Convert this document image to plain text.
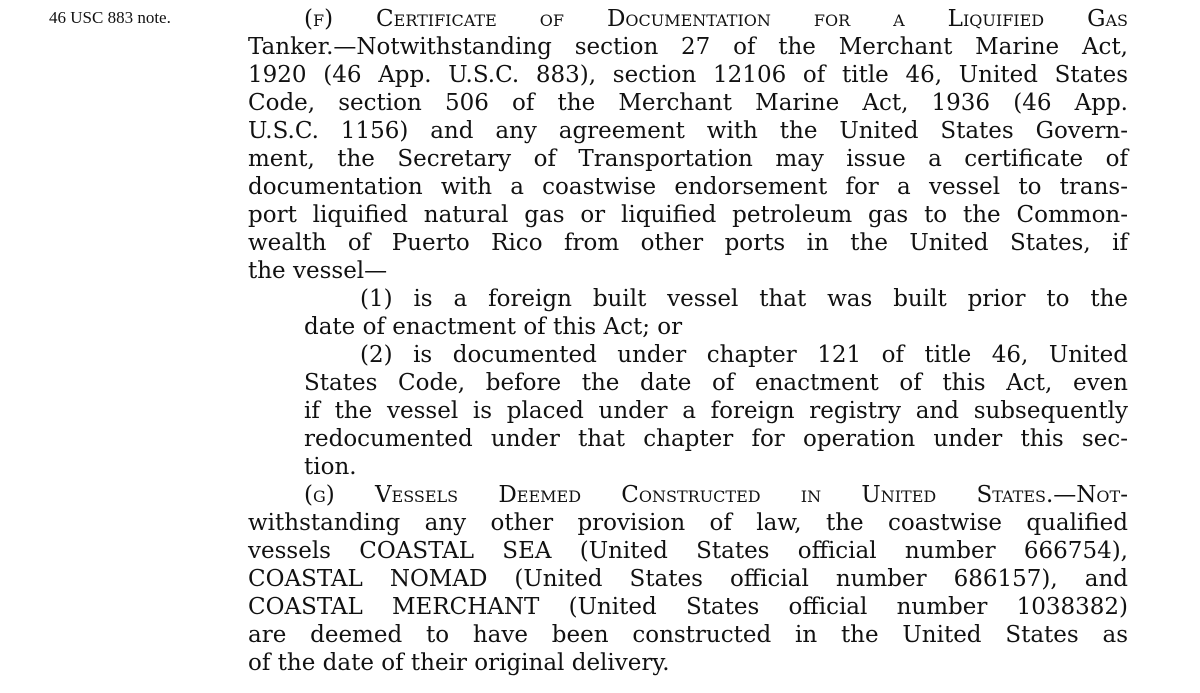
46 USC 883 note.	(f) Certificate of Documentation for a Liquified Gas
Tanker.—Notwithstanding section 27 of the Merchant Marine Act,
1920 (46 App. U.S.C. 883), section 12106 of title 46, United States
Code, section 506 of the Merchant Marine Act, 1936 (46 App.
U.S.C. 1156) and any agreement with the United States Govern-
ment, the Secretary of Transportation may issue a certificate of
documentation with a coastwise endorsement for a vessel to trans-
port liquified natural gas or liquified petroleum gas to the Common-
wealth of Puerto Rico from other ports in the United States, if
the vessel—
(1) is a foreign built vessel that was built prior to the
date of enactment of this Act; or
(2) is documented under chapter 121 of title 46, United
States Code, before the date of enactment of this Act, even
if the vessel is placed under a foreign registry and subsequently
redocumented under that chapter for operation under this sec-
tion.
(g) Vessels Deemed Constructed in United States.—Not-
withstanding any other provision of law, the coastwise qualified
vessels COASTAL SEA (United States official number 666754),
COASTAL NOMAD (United States official number 686157), and
COASTAL MERCHANT (United States official number 1038382)
are deemed to have been constructed in the United States as
of the date of their original delivery.
